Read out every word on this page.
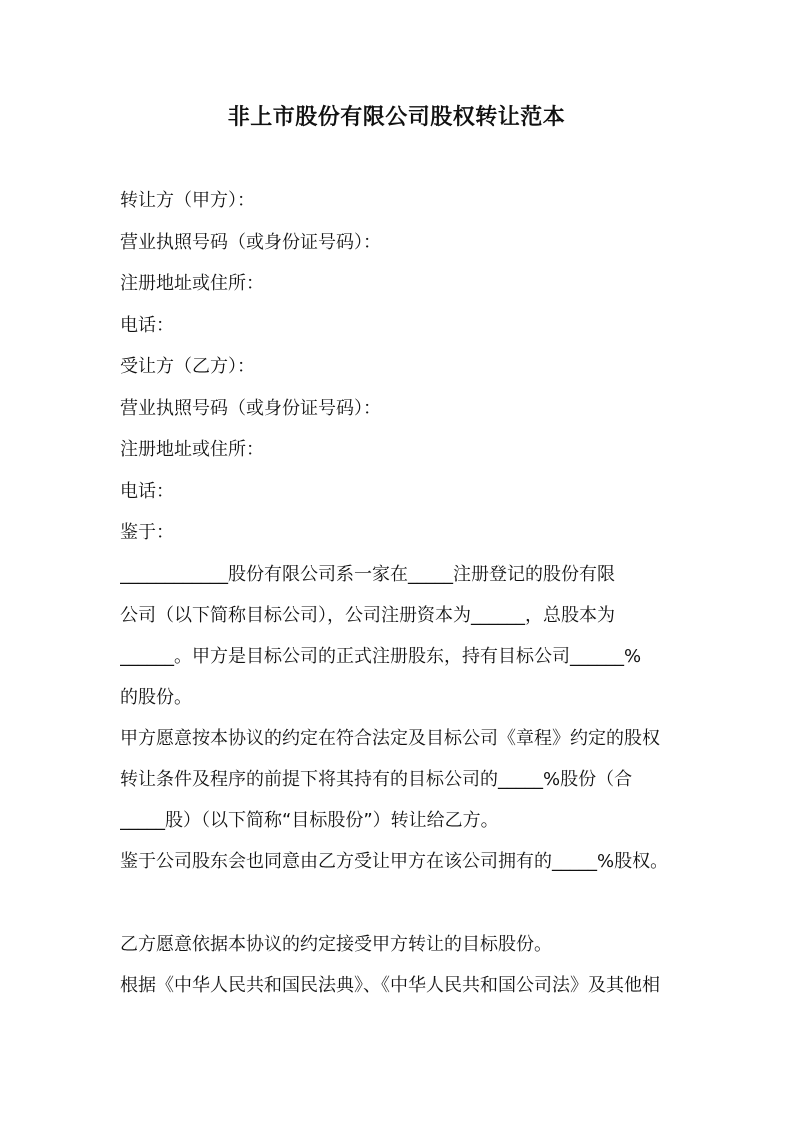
非上市股份有限公司股权转让范本
转让方（甲方）：
营业执照号码（或身份证号码）：
注册地址或住所：
电话：
受让方（乙方）：
营业执照号码（或身份证号码）：
注册地址或住所：
电话：
鉴于：
____________股份有限公司系一家在_____注册登记的股份有限
公司（以下简称目标公司），公司注册资本为______，总股本为
______。甲方是目标公司的正式注册股东，持有目标公司______%
的股份。
甲方愿意按本协议的约定在符合法定及目标公司《章程》约定的股权
转让条件及程序的前提下将其持有的目标公司的_____%股份（合
_____股）（以下简称“目标股份”）转让给乙方。
鉴于公司股东会也同意由乙方受让甲方在该公司拥有的_____%股权。
乙方愿意依据本协议的约定接受甲方转让的目标股份。
根据《中华人民共和国民法典》、《中华人民共和国公司法》及其他相
